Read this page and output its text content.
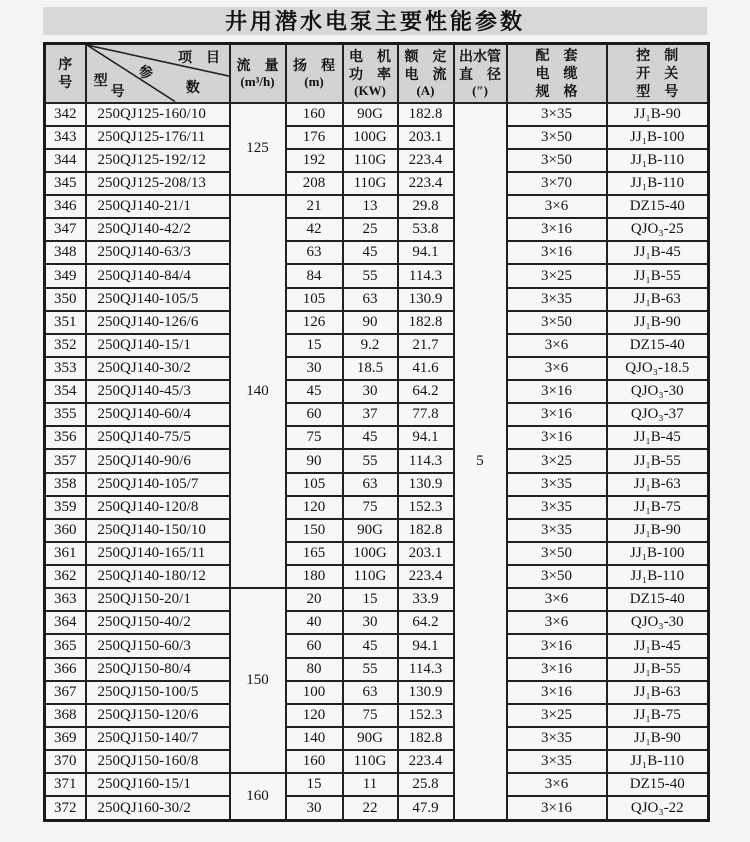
井用潜水电泵主要性能参数
序
号

项　目
参
数
型
号

流　量
(m³/h)

扬　程
(m)

电　机
功　率
(KW)

额　定
电　流
(A)

出水管
直　径
(″)

配　套
电　缆
规　格

控　制
开　关
型　号

342	250QJ125-160/10	125	160	90G	182.8	5	3×35	JJ₁B-90
343	250QJ125-176/11		176	100G	203.1		3×50	JJ₁B-100
344	250QJ125-192/12		192	110G	223.4		3×50	JJ₁B-110
345	250QJ125-208/13		208	110G	223.4		3×70	JJ₁B-110
346	250QJ140-21/1	140	21	13	29.8		3×6	DZ15-40
347	250QJ140-42/2		42	25	53.8		3×16	QJO₃-25
348	250QJ140-63/3		63	45	94.1		3×16	JJ₁B-45
349	250QJ140-84/4		84	55	114.3		3×25	JJ₁B-55
350	250QJ140-105/5		105	63	130.9		3×35	JJ₁B-63
351	250QJ140-126/6		126	90	182.8		3×50	JJ₁B-90
352	250QJ140-15/1		15	9.2	21.7		3×6	DZ15-40
353	250QJ140-30/2		30	18.5	41.6		3×6	QJO₃-18.5
354	250QJ140-45/3		45	30	64.2		3×16	QJO₃-30
355	250QJ140-60/4		60	37	77.8		3×16	QJO₃-37
356	250QJ140-75/5		75	45	94.1		3×16	JJ₁B-45
357	250QJ140-90/6		90	55	114.3		3×25	JJ₁B-55
358	250QJ140-105/7		105	63	130.9		3×35	JJ₁B-63
359	250QJ140-120/8		120	75	152.3		3×35	JJ₁B-75
360	250QJ140-150/10		150	90G	182.8		3×35	JJ₁B-90
361	250QJ140-165/11		165	100G	203.1		3×50	JJ₁B-100
362	250QJ140-180/12		180	110G	223.4		3×50	JJ₁B-110
363	250QJ150-20/1	150	20	15	33.9		3×6	DZ15-40
364	250QJ150-40/2		40	30	64.2		3×6	QJO₃-30
365	250QJ150-60/3		60	45	94.1		3×16	JJ₁B-45
366	250QJ150-80/4		80	55	114.3		3×16	JJ₁B-55
367	250QJ150-100/5		100	63	130.9		3×16	JJ₁B-63
368	250QJ150-120/6		120	75	152.3		3×25	JJ₁B-75
369	250QJ150-140/7		140	90G	182.8		3×35	JJ₁B-90
370	250QJ150-160/8		160	110G	223.4		3×35	JJ₁B-110
371	250QJ160-15/1	160	15	11	25.8		3×6	DZ15-40
372	250QJ160-30/2		30	22	47.9		3×16	QJO₃-22
